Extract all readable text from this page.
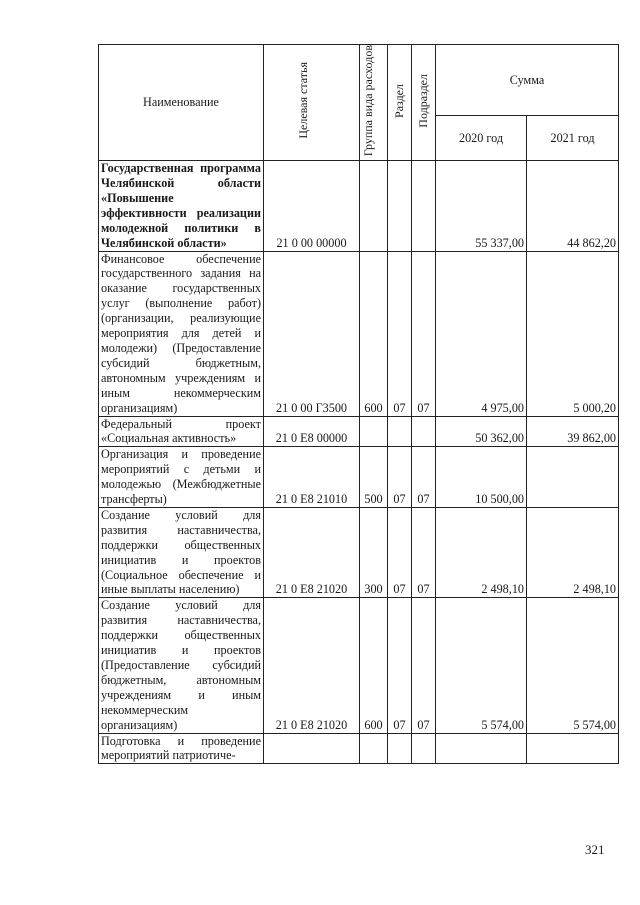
Наименование	Целевая статья	Группа вида расходов	Раздел	Подраздел	Сумма	
					2020 год	2021 год
Государственная программа Челябинской области «Повышение эффективности реализации молодежной политики в Челябинской области»	21 0 00 00000				55 337,00	44 862,20
Финансовое обеспечение государственного задания на оказание государственных услуг (выполнение работ) (организации, реализующие мероприятия для детей и молодежи) (Предоставление субсидий бюджетным, автономным учреждениям и иным некоммерческим организациям)	21 0 00 Г3500	600	07	07	4 975,00	5 000,20
Федеральный проект «Социальная активность»	21 0 E8 00000				50 362,00	39 862,00
Организация и проведение мероприятий с детьми и молодежью (Межбюджетные трансферты)	21 0 E8 21010	500	07	07	10 500,00	
Создание условий для развития наставничества, поддержки общественных инициатив и проектов (Социальное обеспечение и иные выплаты населению)	21 0 E8 21020	300	07	07	2 498,10	2 498,10
Создание условий для развития наставничества, поддержки общественных инициатив и проектов (Предоставление субсидий бюджетным, автономным учреждениям и иным некоммерческим организациям)	21 0 E8 21020	600	07	07	5 574,00	5 574,00
Подготовка и проведение мероприятий патриотиче-						
321
